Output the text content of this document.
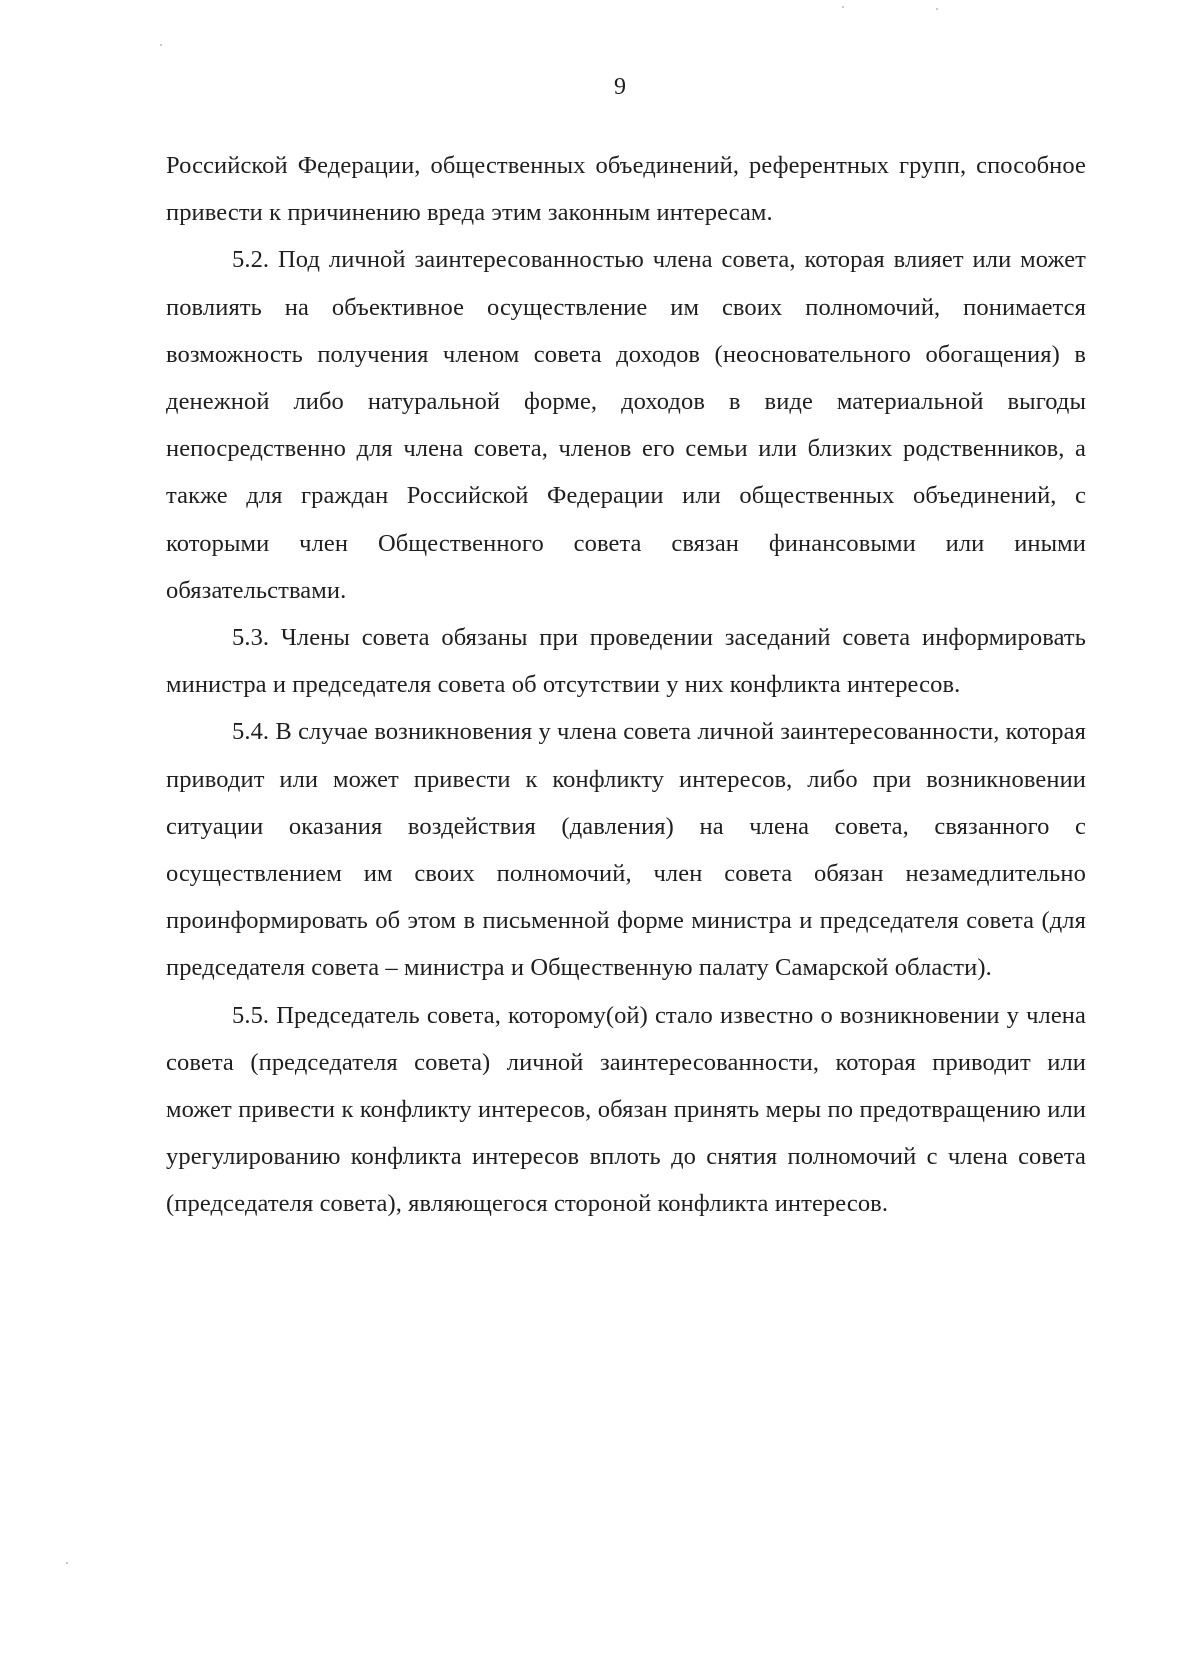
9

Российской Федерации, общественных объединений, референтных групп, способное привести к причинению вреда этим законным интересам.

5.2. Под личной заинтересованностью члена совета, которая влияет или может повлиять на объективное осуществление им своих полномочий, понимается возможность получения членом совета доходов (неосновательного обогащения) в денежной либо натуральной форме, доходов в виде материальной выгоды непосредственно для члена совета, членов его семьи или близких родственников, а также для граждан Российской Федерации или общественных объединений, с которыми член Общественного совета связан финансовыми или иными обязательствами.

5.3. Члены совета обязаны при проведении заседаний совета информировать министра и председателя совета об отсутствии у них конфликта интересов.

5.4. В случае возникновения у члена совета личной заинтересованности, которая приводит или может привести к конфликту интересов, либо при возникновении ситуации оказания воздействия (давления) на члена совета, связанного с осуществлением им своих полномочий, член совета обязан незамедлительно проинформировать об этом в письменной форме министра и председателя совета (для председателя совета – министра и Общественную палату Самарской области).

5.5. Председатель совета, которому(ой) стало известно о возникновении у члена совета (председателя совета) личной заинтересованности, которая приводит или может привести к конфликту интересов, обязан принять меры по предотвращению или урегулированию конфликта интересов вплоть до снятия полномочий с члена совета (председателя совета), являющегося стороной конфликта интересов.
